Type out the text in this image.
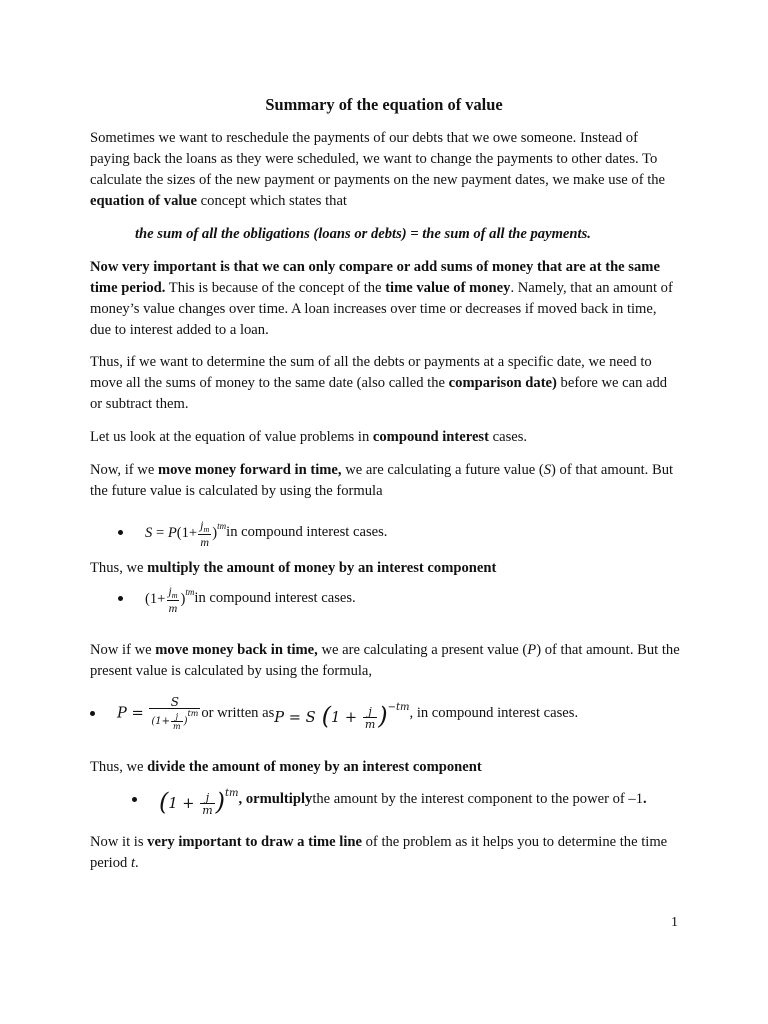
Summary of the equation of value

Sometimes we want to reschedule the payments of our debts that we owe someone. Instead of paying back the loans as they were scheduled, we want to change the payments to other dates. To calculate the sizes of the new payment or payments on the new payment dates, we make use of the equation of value concept which states that

the sum of all the obligations (loans or debts) = the sum of all the payments.

Now very important is that we can only compare or add sums of money that are at the same time period. This is because of the concept of the time value of money. Namely, that an amount of money’s value changes over time. A loan increases over time or decreases if moved back in time, due to interest added to a loan.

Thus, if we want to determine the sum of all the debts or payments at a specific date, we need to move all the sums of money to the same date (also called the comparison date) before we can add or subtract them.

Let us look at the equation of value problems in compound interest cases.

Now, if we move money forward in time, we are calculating a future value (S) of that amount. But the future value is calculated by using the formula

$S = P(1+ \frac{j_m}{m} )^{tm}$ in compound interest cases.

Thus, we multiply the amount of money by an interest component

$(1+ \frac{j_m}{m} )^{tm}$ in compound interest cases.

Now if we move money back in time, we are calculating a present value (P) of that amount. But the present value is calculated by using the formula,

$P = \frac{S}{(1+ \frac{j}{m} )^{tm}}$ or written as P = S $(1 + \frac{j}{m} )^{-tm}$ , in compound interest cases.

Thus, we divide the amount of money by an interest component

$(1 + \frac{j}{m} )^{tm}$ , or multiply the amount by the interest component to the power of –1 .

Now it is very important to draw a time line of the problem as it helps you to determine the time period t.

1
